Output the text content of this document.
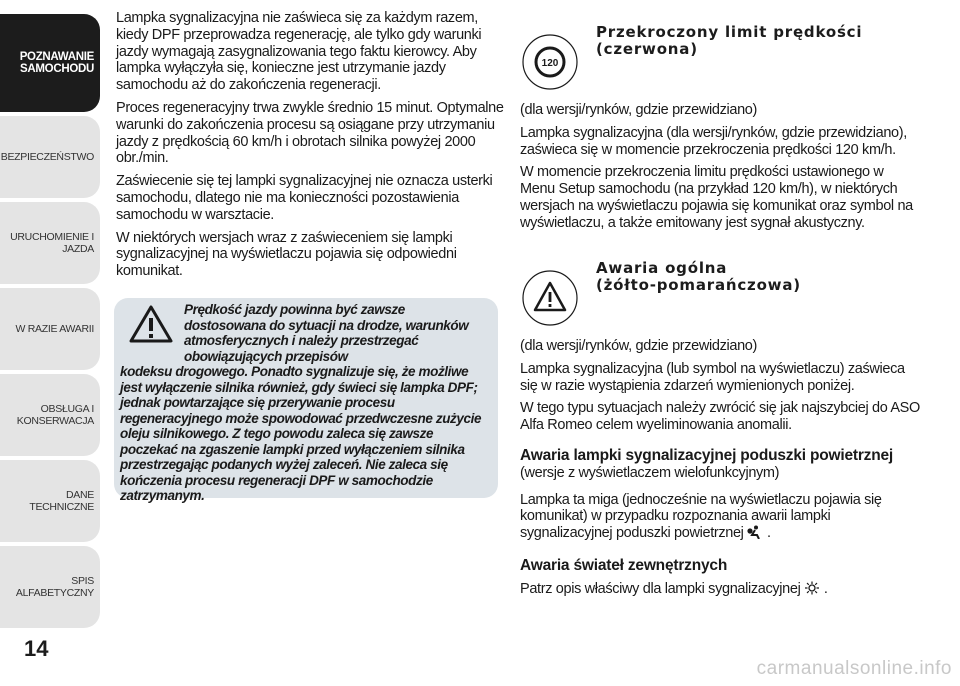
POZNAWANIE SAMOCHODU
BEZPIECZEŃSTWO
URUCHOMIENIE I JAZDA
W RAZIE AWARII
OBSŁUGA I KONSERWACJA
DANE TECHNICZNE
SPIS ALFABETYCZNY
14

Lampka sygnalizacyjna nie zaświeca się za każdym razem, kiedy DPF przeprowadza regenerację, ale tylko gdy warunki jazdy wymagają zasygnalizowania tego faktu kierowcy. Aby lampka wyłączyła się, konieczne jest utrzymanie jazdy samochodu aż do zakończenia regeneracji.

Proces regeneracyjny trwa zwykle średnio 15 minut. Optymalne warunki do zakończenia procesu są osiągane przy utrzymaniu jazdy z prędkością 60 km/h i obrotach silnika powyżej 2000 obr./min.

Zaświecenie się tej lampki sygnalizacyjnej nie oznacza usterki samochodu, dlatego nie ma konieczności pozostawienia samochodu w warsztacie.

W niektórych wersjach wraz z zaświeceniem się lampki sygnalizacyjnej na wyświetlaczu pojawia się odpowiedni komunikat.

Prędkość jazdy powinna być zawsze dostosowana do sytuacji na drodze, warunków atmosferycznych i należy przestrzegać obowiązujących przepisów
kodeksu drogowego. Ponadto sygnalizuje się, że możliwe jest wyłączenie silnika również, gdy świeci się lampka DPF; jednak powtarzające się przerywanie procesu regeneracyjnego może spowodować przedwczesne zużycie oleju silnikowego. Z tego powodu zaleca się zawsze poczekać na zgaszenie lampki przed wyłączeniem silnika przestrzegając podanych wyżej zaleceń. Nie zaleca się kończenia procesu regeneracji DPF w samochodzie zatrzymanym.
120
Przekroczony limit prędkości
(czerwona)

(dla wersji/rynków, gdzie przewidziano)

Lampka sygnalizacyjna (dla wersji/rynków, gdzie przewidziano), zaświeca się w momencie przekroczenia prędkości 120 km/h.

W momencie przekroczenia limitu prędkości ustawionego w Menu Setup samochodu (na przykład 120 km/h), w niektórych wersjach na wyświetlaczu pojawia się komunikat oraz symbol na wyświetlaczu, a także emitowany jest sygnał akustyczny.

Awaria ogólna
(żółto-pomarańczowa)

(dla wersji/rynków, gdzie przewidziano)

Lampka sygnalizacyjna (lub symbol na wyświetlaczu) zaświeca się w razie wystąpienia zdarzeń wymienionych poniżej.

W tego typu sytuacjach należy zwrócić się jak najszybciej do ASO Alfa Romeo celem wyeliminowania anomalii.

Awaria lampki sygnalizacyjnej poduszki powietrznej

(wersje z wyświetlaczem wielofunkcyjnym)

Lampka ta miga (jednocześnie na wyświetlaczu pojawia się komunikat) w przypadku rozpoznania awarii lampki sygnalizacyjnej poduszki powietrznej .

Awaria świateł zewnętrznych

Patrz opis właściwy dla lampki sygnalizacyjnej .

carmanualsonline.info
